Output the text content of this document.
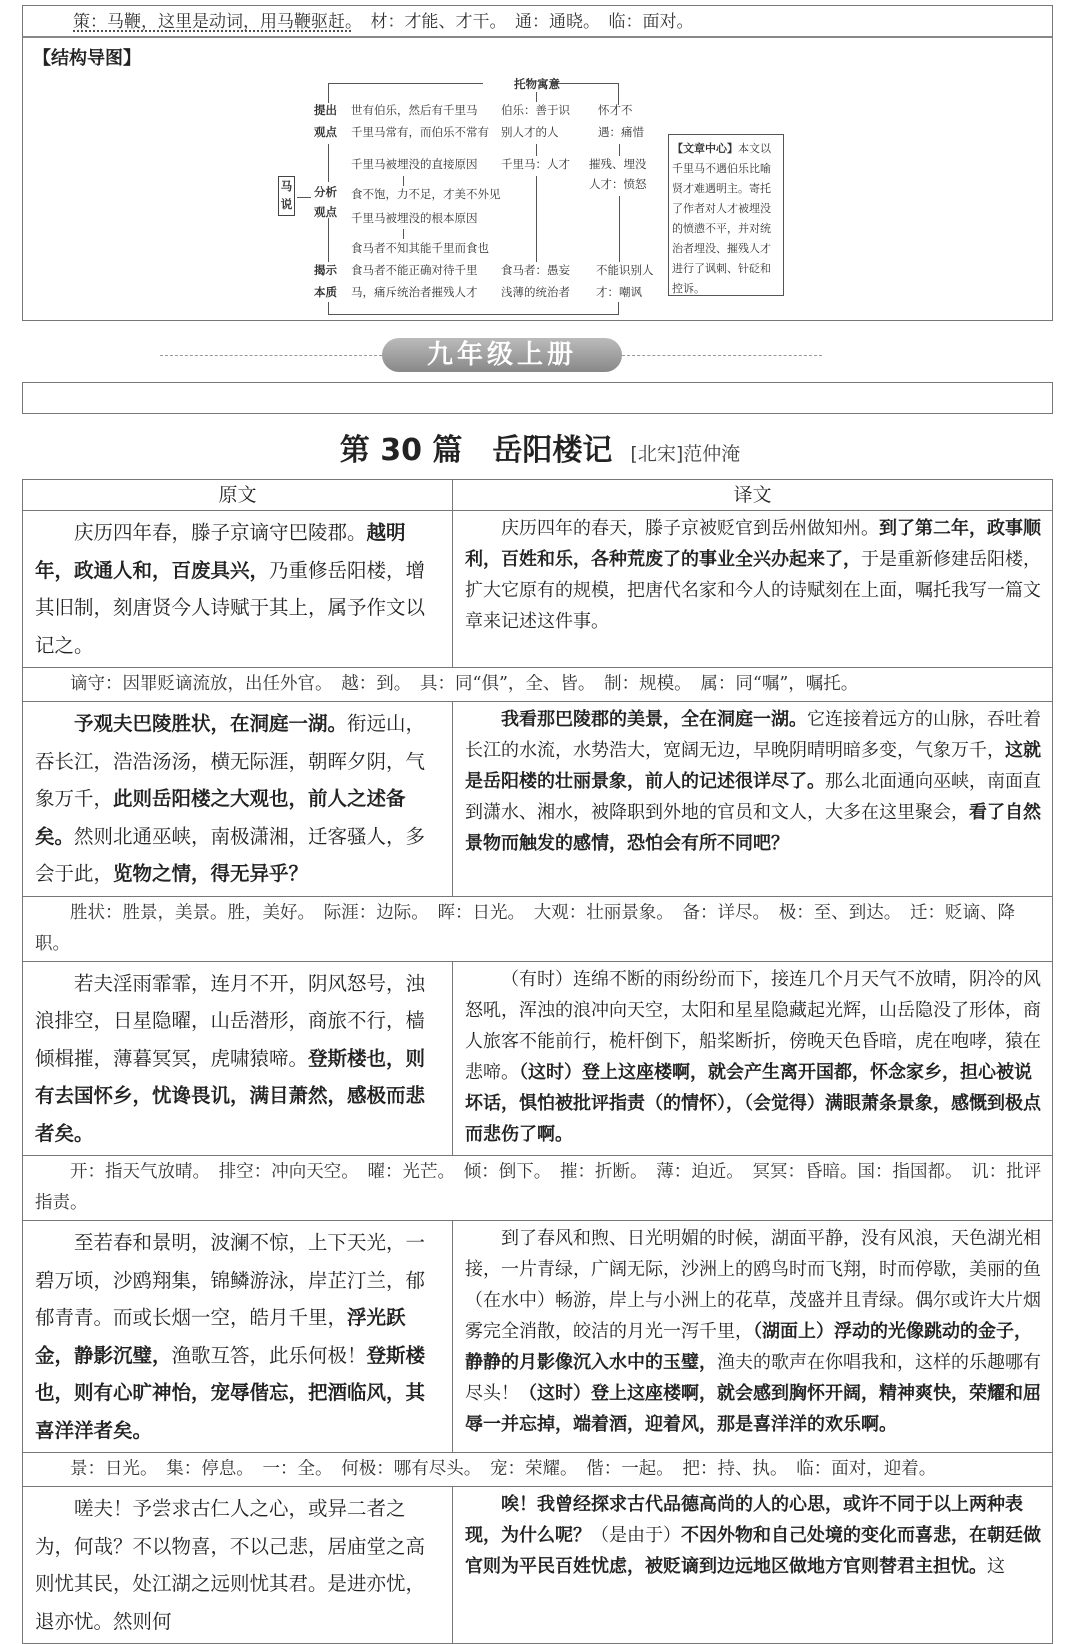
策：马鞭，这里是动词，用马鞭驱赶。　材：才能、才干。　通：通晓。　临：面对。
【结构导图】
托物寓意
马说
提出
观点
分析
观点
揭示
本质
世有伯乐，然后有千里马
千里马常有，而伯乐不常有
千里马被埋没的直接原因
食不饱，力不足，才美不外见
千里马被埋没的根本原因
食马者不知其能千里而食也
食马者不能正确对待千里
马，痛斥统治者摧残人才
伯乐：善于识
别人才的人
千里马：人才
食马者：愚妄
浅薄的统治者
怀才不
遇：痛惜
摧残、埋没
人才：愤怒
不能识别人
才：嘲讽
【文章中心】本文以千里马不遇伯乐比喻贤才难遇明主。寄托了作者对人才被埋没的愤懑不平，并对统治者埋没、摧残人才进行了讽刺、针砭和控诉。
九年级上册
第 30 篇　岳阳楼记 [北宋]范仲淹
原文	译文
庆历四年春，滕子京谪守巴陵郡。越明年，政通人和，百废具兴，乃重修岳阳楼，增其旧制，刻唐贤今人诗赋于其上，属予作文以记之。
庆历四年的春天，滕子京被贬官到岳州做知州。到了第二年，政事顺利，百姓和乐，各种荒废了的事业全兴办起来了，于是重新修建岳阳楼，扩大它原有的规模，把唐代名家和今人的诗赋刻在上面，嘱托我写一篇文章来记述这件事。
谪守：因罪贬谪流放，出任外官。　越：到。　具：同“俱”，全、皆。　制：规模。　属：同“嘱”，嘱托。
予观夫巴陵胜状，在洞庭一湖。衔远山，吞长江，浩浩汤汤，横无际涯，朝晖夕阴，气象万千，此则岳阳楼之大观也，前人之述备矣。然则北通巫峡，南极潇湘，迁客骚人，多会于此，览物之情，得无异乎？
我看那巴陵郡的美景，全在洞庭一湖。它连接着远方的山脉，吞吐着长江的水流，水势浩大，宽阔无边，早晚阴晴明暗多变，气象万千，这就是岳阳楼的壮丽景象，前人的记述很详尽了。那么北面通向巫峡，南面直到潇水、湘水，被降职到外地的官员和文人，大多在这里聚会，看了自然景物而触发的感情，恐怕会有所不同吧？
胜状：胜景，美景。胜，美好。　际涯：边际。　晖：日光。　大观：壮丽景象。　备：详尽。　极：至、到达。　迁：贬谪、降职。
若夫淫雨霏霏，连月不开，阴风怒号，浊浪排空，日星隐曜，山岳潜形，商旅不行，樯倾楫摧，薄暮冥冥，虎啸猿啼。登斯楼也，则有去国怀乡，忧谗畏讥，满目萧然，感极而悲者矣。
（有时）连绵不断的雨纷纷而下，接连几个月天气不放晴，阴冷的风怒吼，浑浊的浪冲向天空，太阳和星星隐藏起光辉，山岳隐没了形体，商人旅客不能前行，桅杆倒下，船桨断折，傍晚天色昏暗，虎在咆哮，猿在悲啼。（这时）登上这座楼啊，就会产生离开国都，怀念家乡，担心被说坏话，惧怕被批评指责（的情怀），（会觉得）满眼萧条景象，感慨到极点而悲伤了啊。
开：指天气放晴。　排空：冲向天空。　曜：光芒。　倾：倒下。　摧：折断。　薄：迫近。　冥冥：昏暗。国：指国都。　讥：批评指责。
至若春和景明，波澜不惊，上下天光，一碧万顷，沙鸥翔集，锦鳞游泳，岸芷汀兰，郁郁青青。而或长烟一空，皓月千里，浮光跃金，静影沉璧，渔歌互答，此乐何极！登斯楼也，则有心旷神怡，宠辱偕忘，把酒临风，其喜洋洋者矣。
到了春风和煦、日光明媚的时候，湖面平静，没有风浪，天色湖光相接，一片青绿，广阔无际，沙洲上的鸥鸟时而飞翔，时而停歇，美丽的鱼（在水中）畅游，岸上与小洲上的花草，茂盛并且青绿。偶尔或许大片烟雾完全消散，皎洁的月光一泻千里，（湖面上）浮动的光像跳动的金子，静静的月影像沉入水中的玉璧，渔夫的歌声在你唱我和，这样的乐趣哪有尽头！（这时）登上这座楼啊，就会感到胸怀开阔，精神爽快，荣耀和屈辱一并忘掉，端着酒，迎着风，那是喜洋洋的欢乐啊。
景：日光。　集：停息。　一：全。　何极：哪有尽头。　宠：荣耀。　偕：一起。　把：持、执。　临：面对，迎着。
嗟夫！予尝求古仁人之心，或异二者之为，何哉？不以物喜，不以己悲，居庙堂之高则忧其民，处江湖之远则忧其君。是进亦忧，退亦忧。然则何
唉！我曾经探求古代品德高尚的人的心思，或许不同于以上两种表现，为什么呢？（是由于）不因外物和自己处境的变化而喜悲，在朝廷做官则为平民百姓忧虑，被贬谪到边远地区做地方官则替君主担忧。这
